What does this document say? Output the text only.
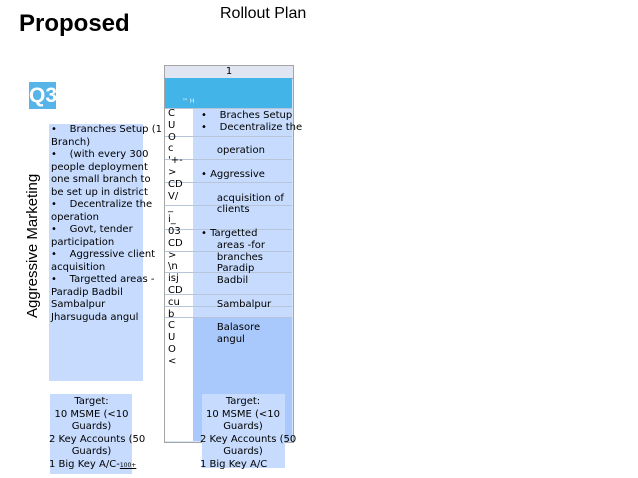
Proposed	Rollout Plan
Q3
Aggressive Marketing
•    Branches Setup (1
Branch)
•    (with every 300
people deployment
one small branch to
be set up in district
•    Decentralize the
operation
•    Govt, tender
participation
•    Aggressive client
acquisition
•    Targetted areas -
Paradip Badbil
Sambalpur
Jharsuguda angul
1
™ H
C
U
O
c
'+-
>
CD
V/
_
i_
03
CD
>
\n
isj
CD
cu
b
C
U
O
<
•    Braches Setup
•    Decentralize the

operation

• Aggressive

acquisition of
clients

• Targetted
areas -for
branches
Paradip
Badbil

Sambalpur

Balasore
angul
Target:
10 MSME (<10
Guards)
2 Key Accounts (50
Guards)
1 Big Key A/C-100+
Target:
10 MSME (<10
Guards)
2 Key Accounts (50
Guards)
1 Big Key A/C
